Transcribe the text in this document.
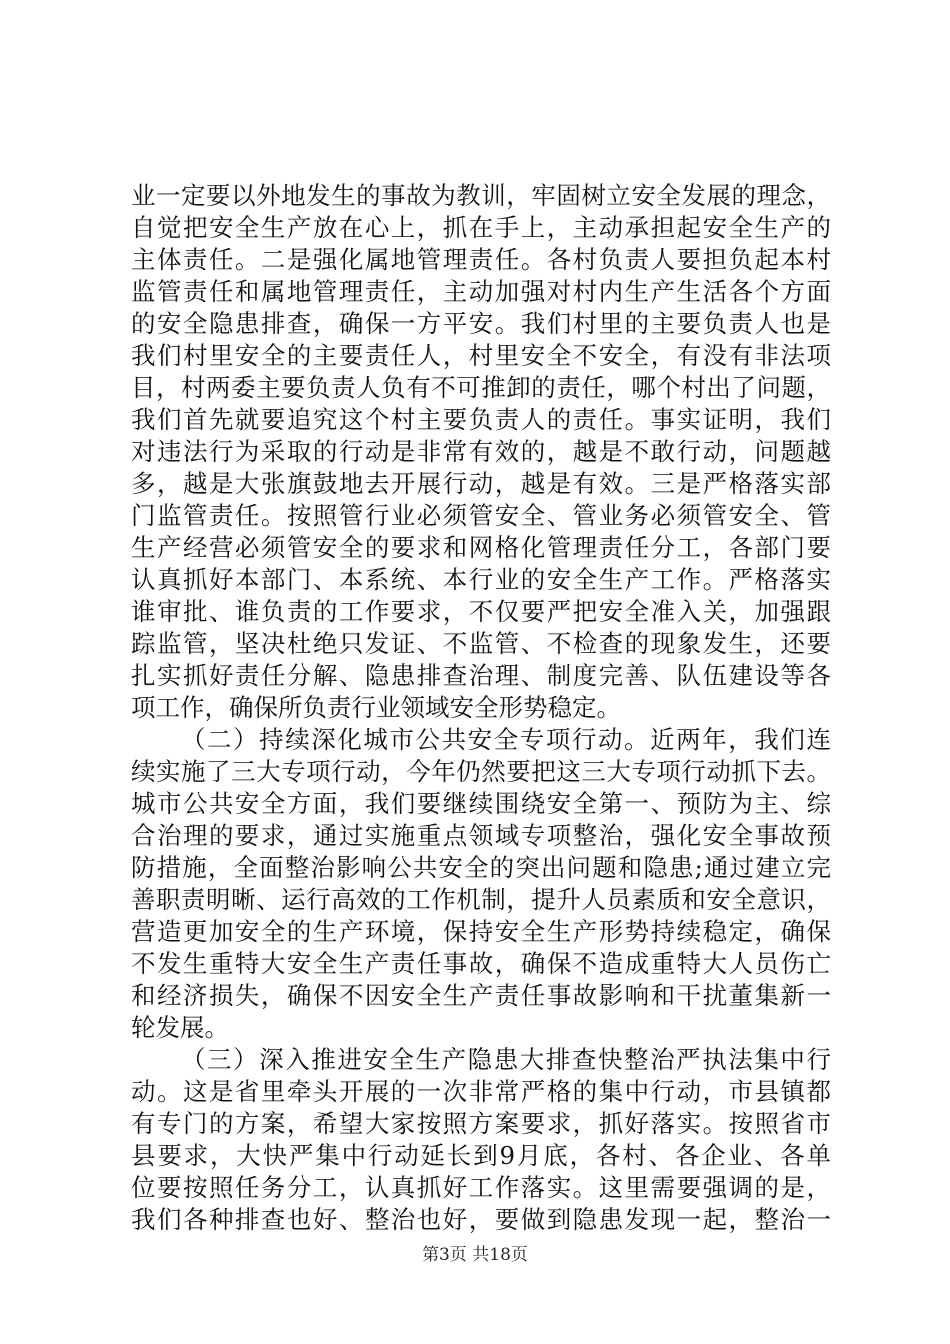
业一定要以外地发生的事故为教训，牢固树立安全发展的理念，
自觉把安全生产放在心上，抓在手上，主动承担起安全生产的
主体责任。二是强化属地管理责任。各村负责人要担负起本村
监管责任和属地管理责任，主动加强对村内生产生活各个方面
的安全隐患排查，确保一方平安。我们村里的主要负责人也是
我们村里安全的主要责任人，村里安全不安全，有没有非法项
目，村两委主要负责人负有不可推卸的责任，哪个村出了问题，
我们首先就要追究这个村主要负责人的责任。事实证明，我们
对违法行为采取的行动是非常有效的，越是不敢行动，问题越
多，越是大张旗鼓地去开展行动，越是有效。三是严格落实部
门监管责任。按照管行业必须管安全、管业务必须管安全、管
生产经营必须管安全的要求和网格化管理责任分工，各部门要
认真抓好本部门、本系统、本行业的安全生产工作。严格落实
谁审批、谁负责的工作要求，不仅要严把安全准入关，加强跟
踪监管，坚决杜绝只发证、不监管、不检查的现象发生，还要
扎实抓好责任分解、隐患排查治理、制度完善、队伍建设等各
项工作，确保所负责行业领域安全形势稳定。
（二）持续深化城市公共安全专项行动。近两年，我们连
续实施了三大专项行动，今年仍然要把这三大专项行动抓下去。
城市公共安全方面，我们要继续围绕安全第一、预防为主、综
合治理的要求，通过实施重点领域专项整治，强化安全事故预
防措施，全面整治影响公共安全的突出问题和隐患;通过建立完
善职责明晰、运行高效的工作机制，提升人员素质和安全意识，
营造更加安全的生产环境，保持安全生产形势持续稳定，确保
不发生重特大安全生产责任事故，确保不造成重特大人员伤亡
和经济损失，确保不因安全生产责任事故影响和干扰董集新一
轮发展。
（三）深入推进安全生产隐患大排查快整治严执法集中行
动。这是省里牵头开展的一次非常严格的集中行动，市县镇都
有专门的方案，希望大家按照方案要求，抓好落实。按照省市
县要求，大快严集中行动延长到9月底，各村、各企业、各单
位要按照任务分工，认真抓好工作落实。这里需要强调的是，
我们各种排查也好、整治也好，要做到隐患发现一起，整治一
第3页 共18页
